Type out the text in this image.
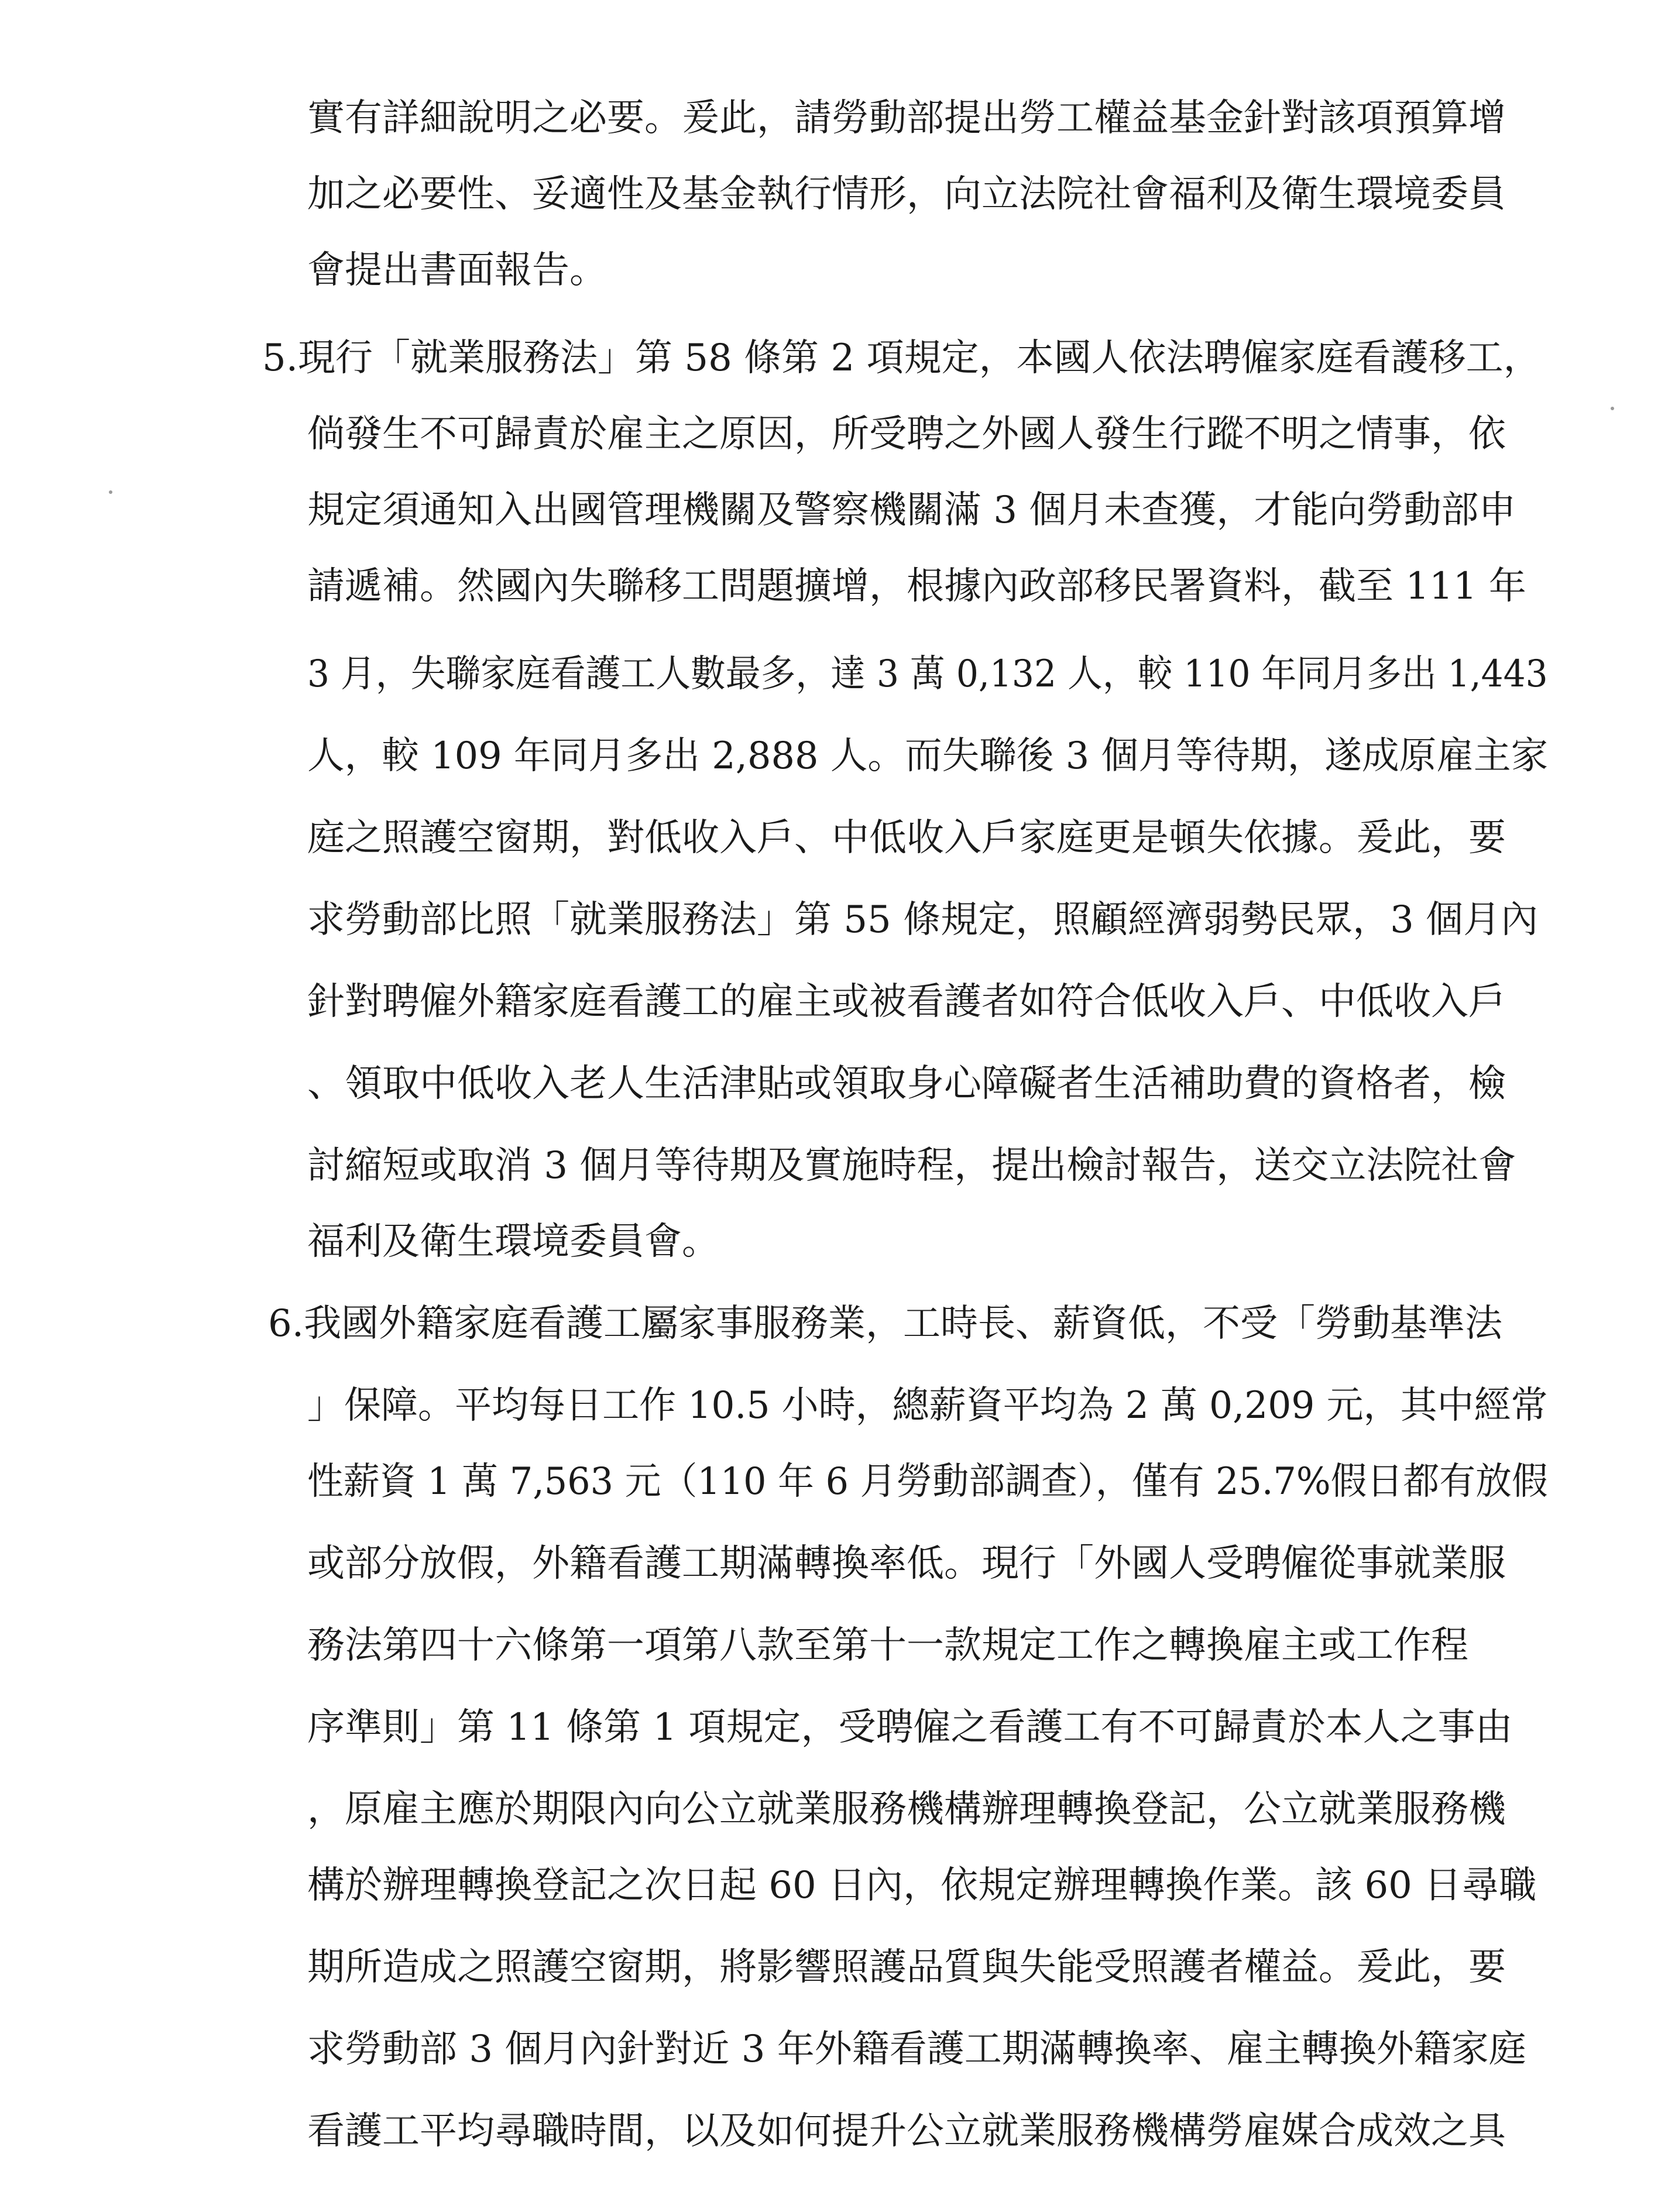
實有詳細說明之必要。爰此，請勞動部提出勞工權益基金針對該項預算增
加之必要性、妥適性及基金執行情形，向立法院社會福利及衛生環境委員
會提出書面報告。
5.現行「就業服務法」第 58 條第 2 項規定，本國人依法聘僱家庭看護移工，
倘發生不可歸責於雇主之原因，所受聘之外國人發生行蹤不明之情事，依
規定須通知入出國管理機關及警察機關滿 3 個月未查獲，才能向勞動部申
請遞補。然國內失聯移工問題擴增，根據內政部移民署資料，截至 111 年
3 月，失聯家庭看護工人數最多，達 3 萬 0,132 人，較 110 年同月多出 1,443
人，較 109 年同月多出 2,888 人。而失聯後 3 個月等待期，遂成原雇主家
庭之照護空窗期，對低收入戶、中低收入戶家庭更是頓失依據。爰此，要
求勞動部比照「就業服務法」第 55 條規定，照顧經濟弱勢民眾，3 個月內
針對聘僱外籍家庭看護工的雇主或被看護者如符合低收入戶、中低收入戶
、領取中低收入老人生活津貼或領取身心障礙者生活補助費的資格者，檢
討縮短或取消 3 個月等待期及實施時程，提出檢討報告，送交立法院社會
福利及衛生環境委員會。
6.我國外籍家庭看護工屬家事服務業，工時長、薪資低，不受「勞動基準法
」保障。平均每日工作 10.5 小時，總薪資平均為 2 萬 0,209 元，其中經常
性薪資 1 萬 7,563 元（110 年 6 月勞動部調查），僅有 25.7%假日都有放假
或部分放假，外籍看護工期滿轉換率低。現行「外國人受聘僱從事就業服
務法第四十六條第一項第八款至第十一款規定工作之轉換雇主或工作程
序準則」第 11 條第 1 項規定，受聘僱之看護工有不可歸責於本人之事由
，原雇主應於期限內向公立就業服務機構辦理轉換登記，公立就業服務機
構於辦理轉換登記之次日起 60 日內，依規定辦理轉換作業。該 60 日尋職
期所造成之照護空窗期，將影響照護品質與失能受照護者權益。爰此，要
求勞動部 3 個月內針對近 3 年外籍看護工期滿轉換率、雇主轉換外籍家庭
看護工平均尋職時間，以及如何提升公立就業服務機構勞雇媒合成效之具
